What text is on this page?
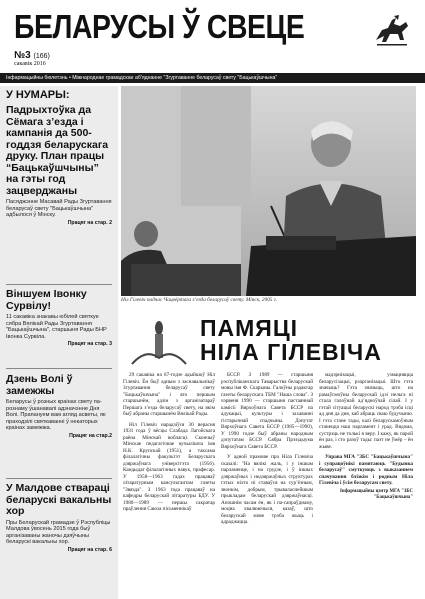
БЕЛАРУСЫ Ў СВЕЦЕ
№3 (166)
сакавік 2016
Інфармацыйны бюлетэнь • Міжнароднае грамадскае аб'яднанне "Згуртаванне беларусаў свету "Бацькаўшчына"
У НУМАРЫ:
Падрыхтоўка да Сёмага з’езда і кампанія да 500-годдзя беларускага друку. План працы “Бацькаўшчыны” на гэты год зацверджаны
Пасяджэнне Масавай Рады Згуртавання беларусаў свету "Бацькаўшчына" адбылося ў Мінску.
Працяг на стар. 2
Віншуем Івонку Сурвілу!
11 сакавіка знакавы юбілей святкуе сябра Вялікай Рады Згуртавання "Бацькаўшчына", старшыня Рады БНР Івонка Сурвіла.
Працяг на стар. 3
Дзень Волі ў замежжы
Беларусы ў розных краінах свету па-рознаму ўшанавалі адзначэнне Дня Волі. Прапануем вам агляд асветы, як праходзілі святкаванні ў некаторых краінах замежжа.
Працяг на стар.2
У Малдове ствараці беларускі вакальны хор
Пры Беларускай грамадзе ў Рэспубліцы Малдова ўвосень 2015 года быў арганізаваны жаночы дзяўчыны беларускі вакальны хор.
Працяг на стар. 6
Ніл Гілевіч падчас Чацвёртага з’езда беларусаў свету. Мінск, 2005 г.
ПАМЯЦІ
НІЛА ГІЛЕВІЧА

29 сакавіка на 87-годзе адыйшоў Ніл Гілевіч. Ён быў адным з заснавальнікаў Згуртавання беларусаў свету "Бацькаўшчына" і яго першым старшынём, адзін з арганізатараў Першага з’езда беларусаў свету, на якім быў абраны старшынём Вялікай Рады.

Ніл Гілевіч нарадзіўся 30 верасня 1931 года ў вёсцы Слабада Лагойскага раёна Мінскай вобласці. Скончыў Мінскае педагагічнае вучылішча імя Н.К. Крупскай (1951), а таксама філалагічны факультэт Беларускага дзяржаўнага універсітэта (1956). Кандыдат філалагічных навук, прафесар. У 1958—1963 гадах працаваў літаратурным кансультантам газеты "Звязда". З 1963 года працаваў на кафедры беларускай літаратуры БДУ. У 1980—1989 — першы сакратар праўлення Саюза пісьменнікаў

БССР. З 1989 — старшыня рэспубліканскага Таварыства беларускай мовы імя Ф. Скарыны. Галоўны рэдактар газеты беларускага ТБМ "Наша слова". З чэрвеня 1990 — старшыня пастаяннай камісіі Вярхоўнага Савета БССР па адукацыі, культуры і захаванні гістарычнай спадчыны. Дэпутат Вярхоўнага Савета БССР (1985—1990), У 1990 годзе быў абраны народным дэпутатам БССР. Сябра Прэзідыума Вярхоўнага Савета БССР.

У адной прамове пра Ніла Гілевіча сказалі: "На вялікі жаль, і у іншым парламенце, і на грудзе, і ў іншых дзяржаўных і недзяржаўных структурах гэтых ніхто ні ставаўся на сур’ёзным, звонкім, добрым, трываласнейшым прыкладам беларускай дзяржаўнасці. Апошнім часам ён, як і па-сапраўднаму, моцна хвалюючыся, казаў, што беларускай мове трэба жыць і адраджацца.

мадэрнізацыі, узмацняцца беларусізацыі, рэарганізацыі. Што гэта значыць? Гэта значыць, што на рамаўсмоўны беларускай ідэі нельга ні стала галоўнай ад’ядноўчай сілай. І у гэтай сітуацыі беларускі народ трэба ісці ад дня да дня, каб абраць сваю будучыню. І гэта стане тады, калі беларускамоўным станецца наш парламент і урад. Вядома, сустрэць не толькі я веру. І кажу, як парой ён раз, і сто разоў тады: паэт не ўмёр – ён жыве.

Управа МГА "ЗБС "Бацькаўшчына" і супрацоўнікі памятаюць "Будынка беларусаў" смуткуюць з выказаннем спачування блізкім і родным Ніла Гілевіча і ўсім беларусам свету.

Інфармацыйны цэнтр МГА "ЗБС "Бацькаўшчына"
